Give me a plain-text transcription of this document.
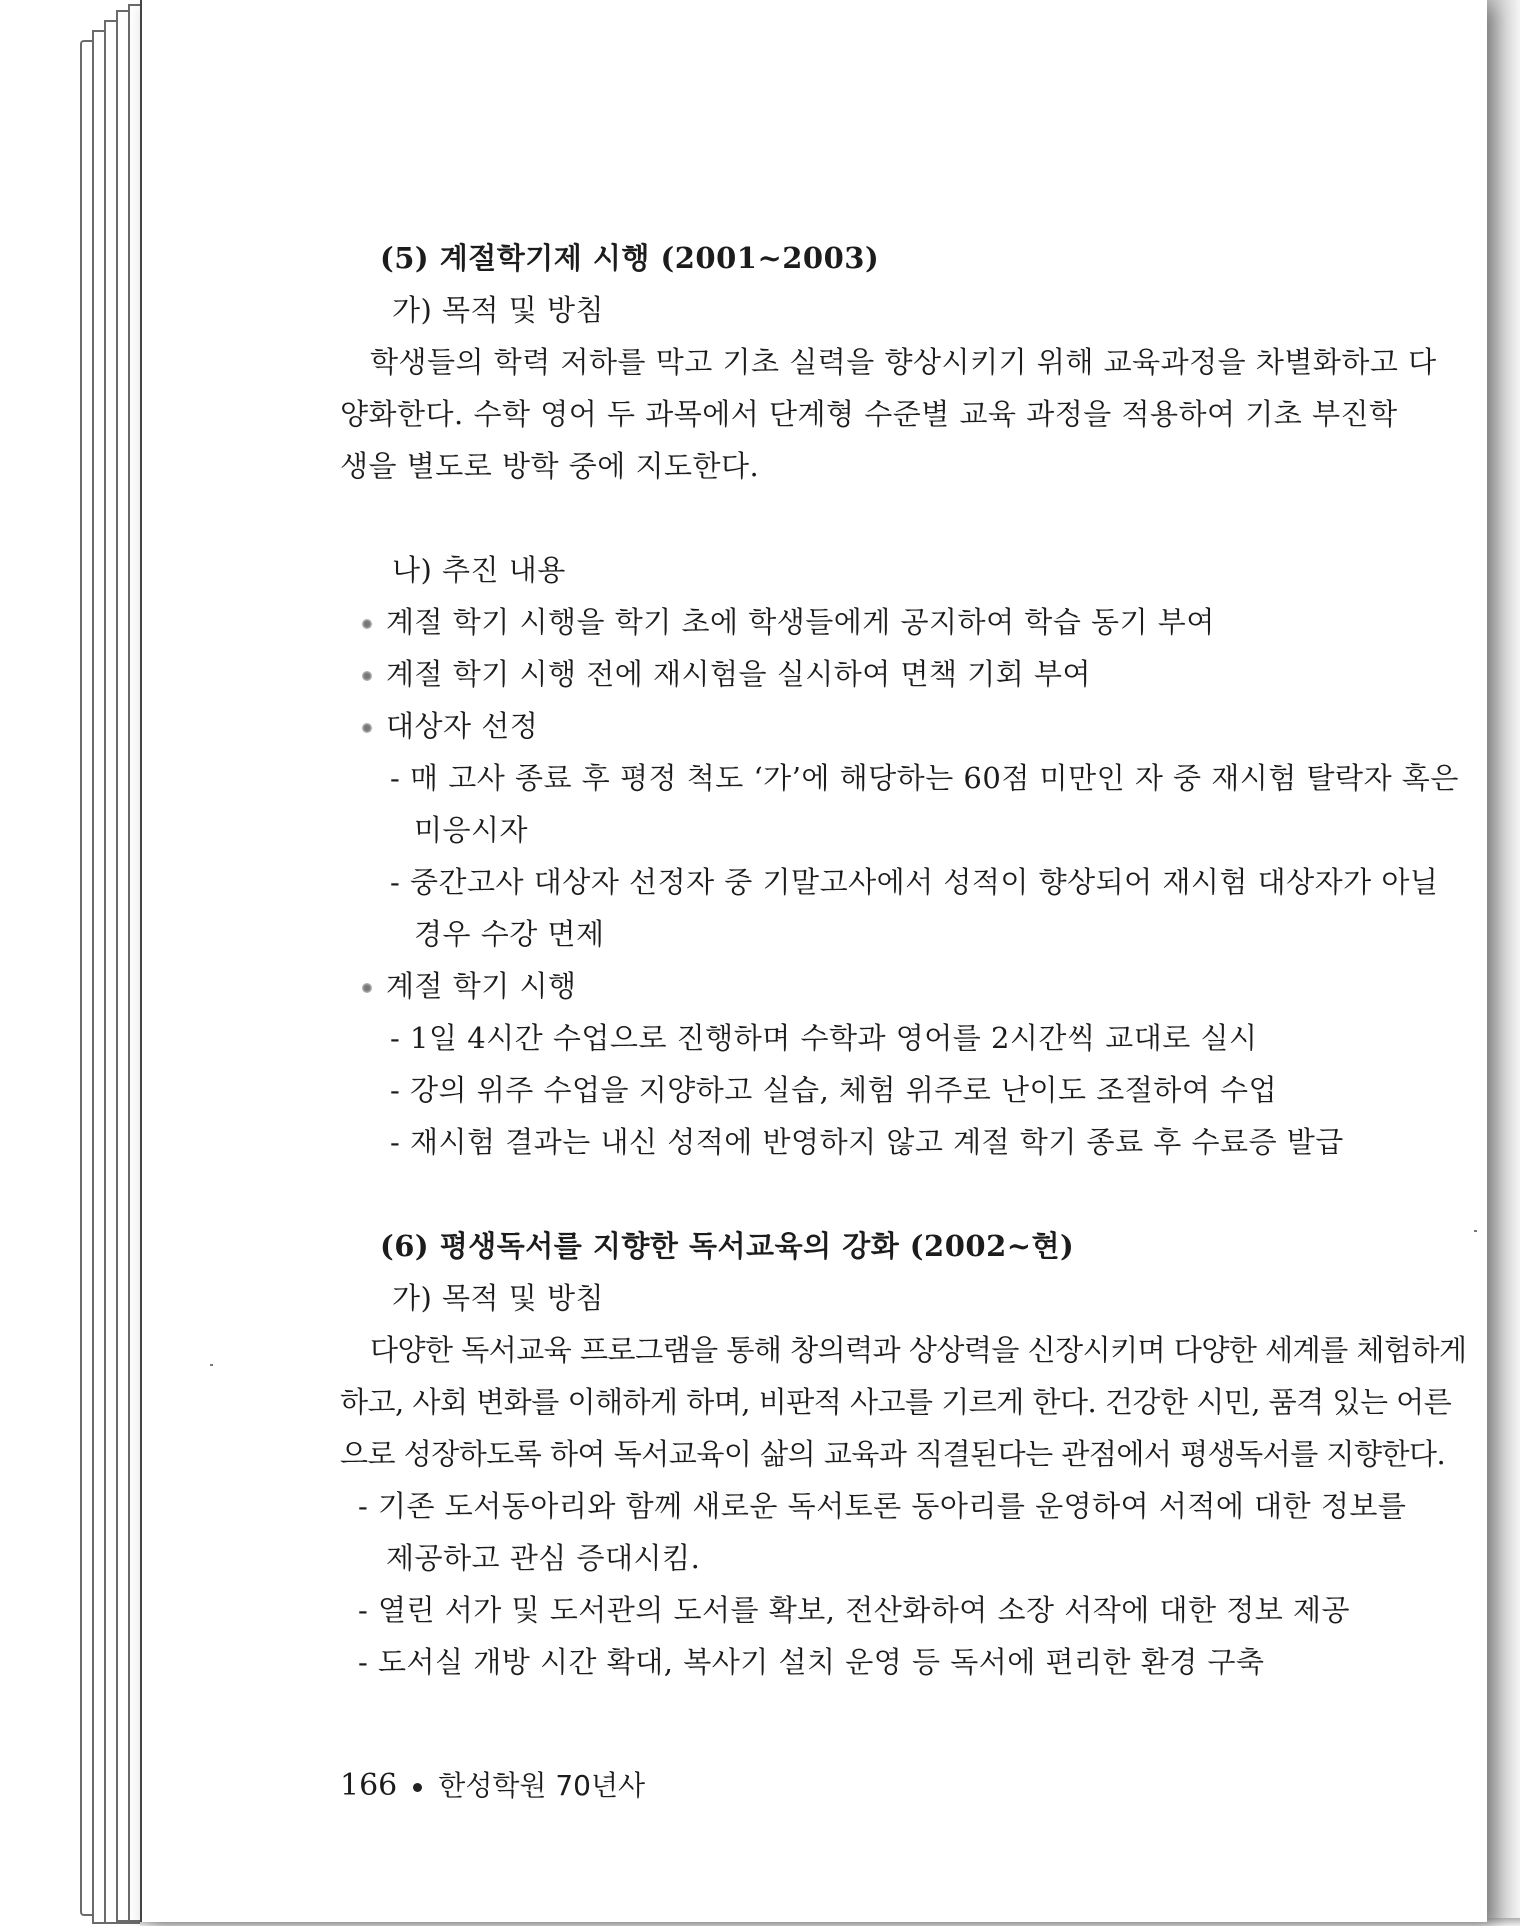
(5) 계절학기제 시행 (2001~2003)
가) 목적 및 방침
학생들의 학력 저하를 막고 기초 실력을 향상시키기 위해 교육과정을 차별화하고 다
양화한다. 수학 영어 두 과목에서 단계형 수준별 교육 과정을 적용하여 기초 부진학
생을 별도로 방학 중에 지도한다.
나) 추진 내용
계절 학기 시행을 학기 초에 학생들에게 공지하여 학습 동기 부여
계절 학기 시행 전에 재시험을 실시하여 면책 기회 부여
대상자 선정
- 매 고사 종료 후 평정 척도 ‘가’에 해당하는 60점 미만인 자 중 재시험 탈락자 혹은
미응시자
- 중간고사 대상자 선정자 중 기말고사에서 성적이 향상되어 재시험 대상자가 아닐
경우 수강 면제
계절 학기 시행
- 1일 4시간 수업으로 진행하며 수학과 영어를 2시간씩 교대로 실시
- 강의 위주 수업을 지양하고 실습, 체험 위주로 난이도 조절하여 수업
- 재시험 결과는 내신 성적에 반영하지 않고 계절 학기 종료 후 수료증 발급
(6) 평생독서를 지향한 독서교육의 강화 (2002~현)
가) 목적 및 방침
다양한 독서교육 프로그램을 통해 창의력과 상상력을 신장시키며 다양한 세계를 체험하게
하고, 사회 변화를 이해하게 하며, 비판적 사고를 기르게 한다. 건강한 시민, 품격 있는 어른
으로 성장하도록 하여 독서교육이 삶의 교육과 직결된다는 관점에서 평생독서를 지향한다.
- 기존 도서동아리와 함께 새로운 독서토론 동아리를 운영하여 서적에 대한 정보를
제공하고 관심 증대시킴.
- 열린 서가 및 도서관의 도서를 확보, 전산화하여 소장 서작에 대한 정보 제공
- 도서실 개방 시간 확대, 복사기 설치 운영 등 독서에 편리한 환경 구축
166 한성학원 70년사
